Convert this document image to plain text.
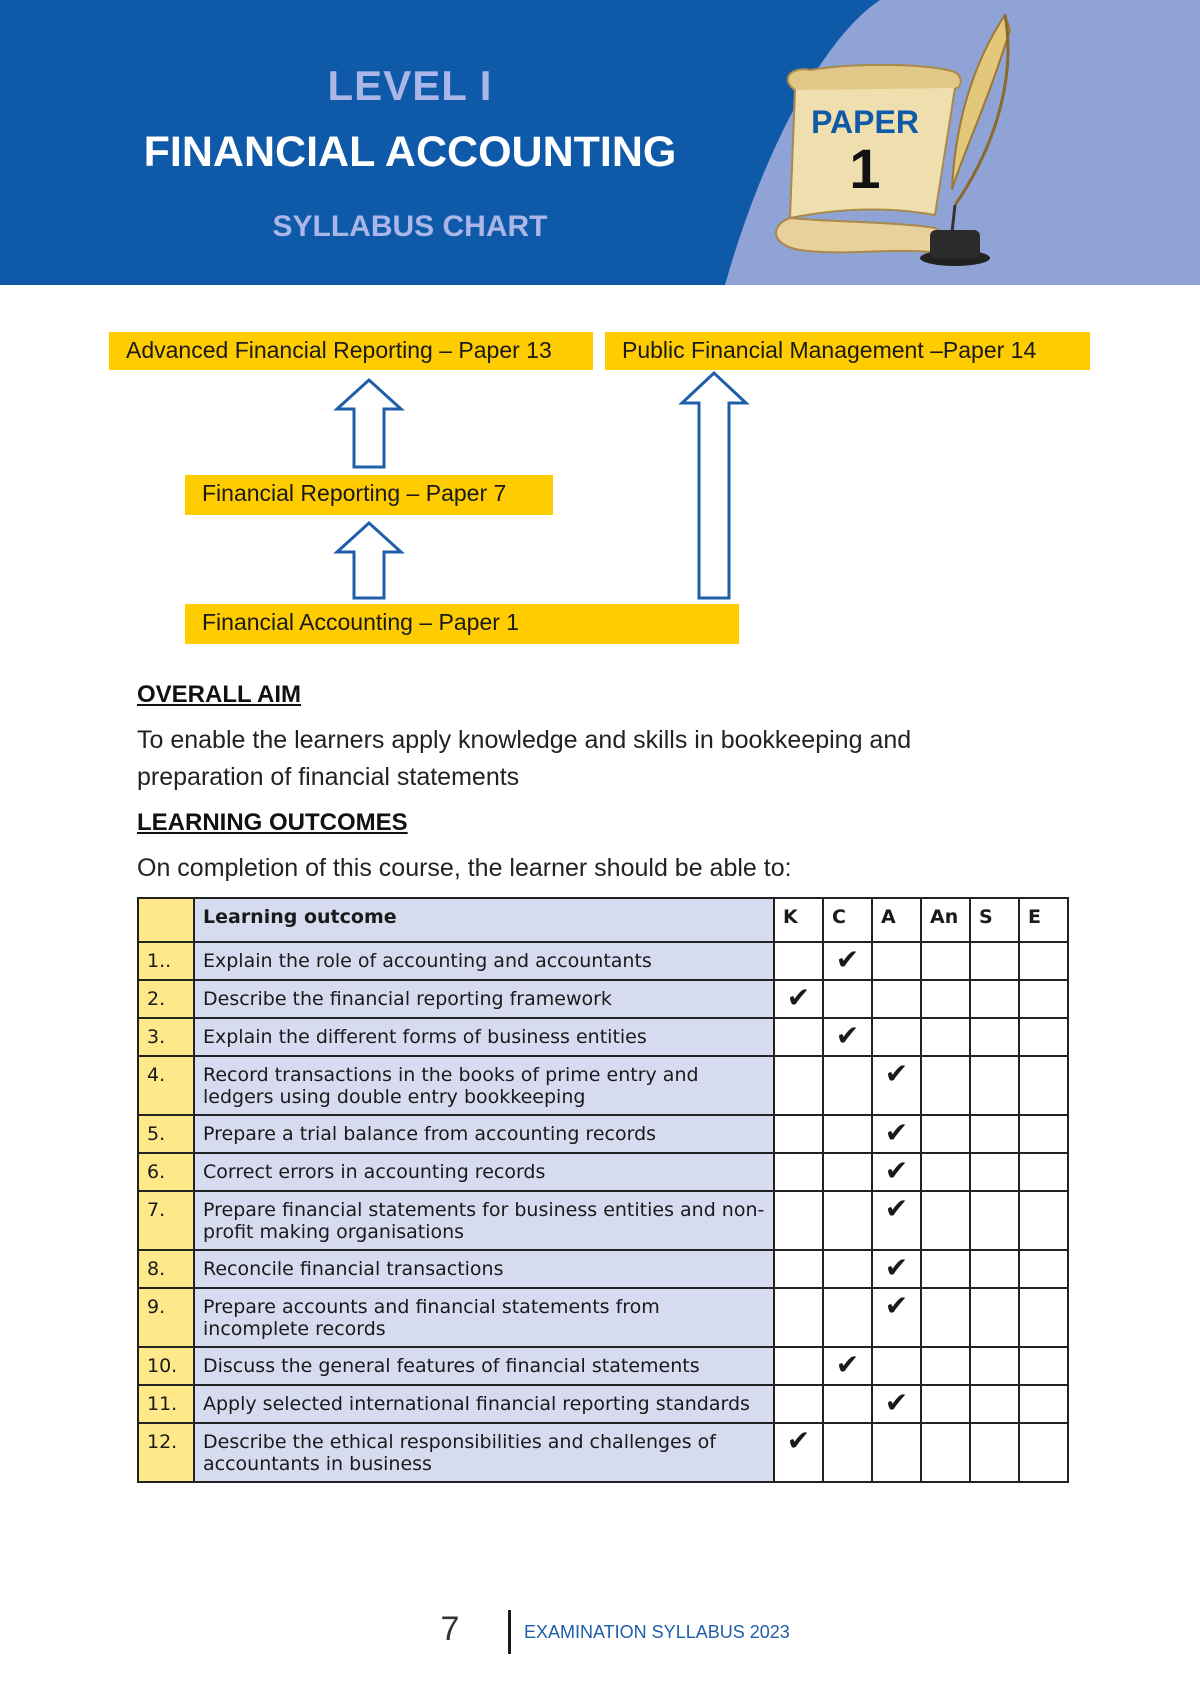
LEVEL I
FINANCIAL ACCOUNTING
SYLLABUS CHART
PAPER
1
Advanced Financial Reporting – Paper 13	Public Financial Management –Paper 14
Financial Reporting – Paper 7
Financial Accounting – Paper 1
OVERALL AIM
To enable the learners apply knowledge and skills in bookkeeping and preparation of financial statements
LEARNING OUTCOMES
On completion of this course, the learner should be able to:
	Learning outcome	K	C	A	An	S	E
1..	Explain the role of accounting and accountants		✔				
2.	Describe the financial reporting framework	✔					
3.	Explain the different forms of business entities		✔				
4.	Record transactions in the books of prime entry and ledgers using double entry bookkeeping			✔			
5.	Prepare a trial balance from accounting records			✔			
6.	Correct errors in accounting records			✔			
7.	Prepare financial statements for business entities and non-profit making organisations			✔			
8.	Reconcile financial transactions			✔			
9.	Prepare accounts and financial statements from incomplete records			✔			
10.	Discuss the general features of financial statements		✔				
11.	Apply selected international financial reporting standards			✔			
12.	Describe the ethical responsibilities and challenges of accountants in business	✔					
7	EXAMINATION SYLLABUS 2023
